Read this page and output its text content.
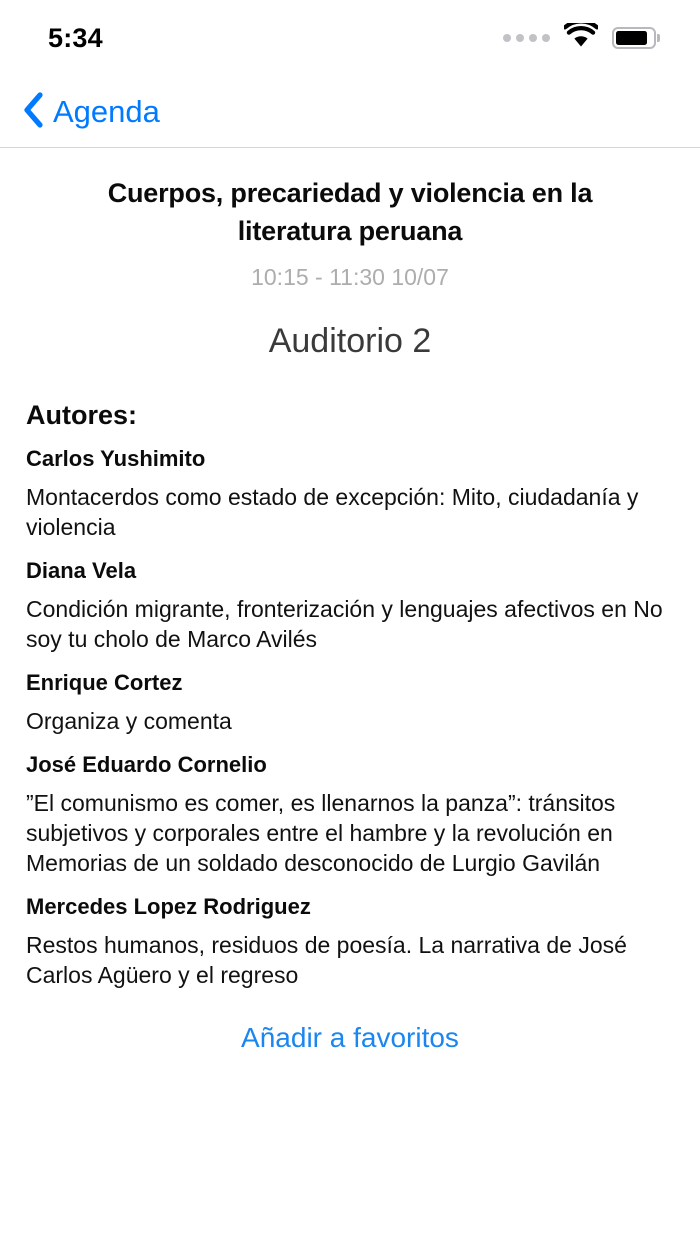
5:34
Agenda
Cuerpos, precariedad y violencia en la literatura peruana
10:15 - 11:30 10/07
Auditorio 2
Autores:
Carlos Yushimito
Montacerdos como estado de excepción: Mito, ciudadanía y violencia
Diana Vela
Condición migrante, fronterización y lenguajes afectivos en No soy tu cholo de Marco Avilés
Enrique Cortez
Organiza y comenta
José Eduardo Cornelio
”El comunismo es comer, es llenarnos la panza”: tránsitos subjetivos y corporales entre el hambre y la revolución en Memorias de un soldado desconocido de Lurgio Gavilán
Mercedes Lopez Rodriguez
Restos humanos, residuos de poesía. La narrativa de José Carlos Agüero y el regreso
Añadir a favoritos
